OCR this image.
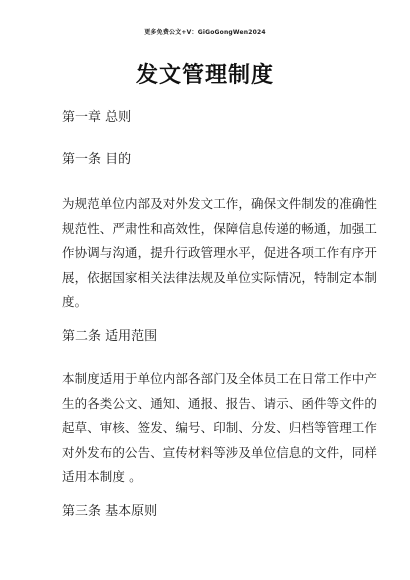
更多免费公文+V：GiGoGongWen2024
发文管理制度
第一章 总则
第一条 目的
为规范单位内部及对外发文工作，确保文件制发的准确性
规范性、严肃性和高效性，保障信息传递的畅通，加强工
作协调与沟通，提升行政管理水平，促进各项工作有序开
展，依据国家相关法律法规及单位实际情况，特制定本制
度。
第二条 适用范围
本制度适用于单位内部各部门及全体员工在日常工作中产
生的各类公文、通知、通报、报告、请示、函件等文件的
起草、审核、签发、编号、印制、分发、归档等管理工作
对外发布的公告、宣传材料等涉及单位信息的文件，同样
适用本制度 。
第三条 基本原则
